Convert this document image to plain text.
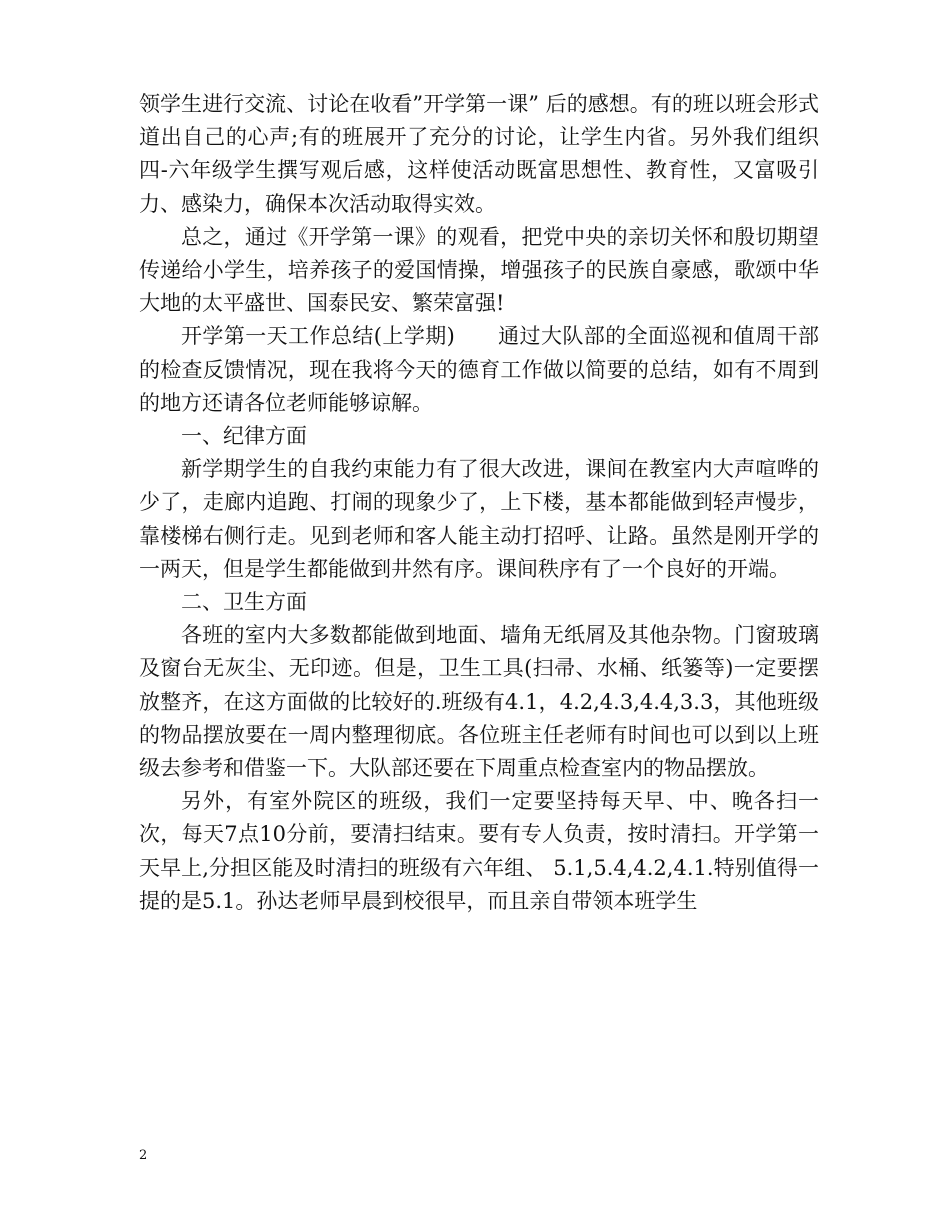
领学生进行交流、讨论在收看”开学第一课” 后的感想。有的班以班会形式道出自己的心声;有的班展开了充分的讨论，让学生内省。另外我们组织四-六年级学生撰写观后感，这样使活动既富思想性、教育性，又富吸引力、感染力，确保本次活动取得实效。

总之，通过《开学第一课》的观看，把党中央的亲切关怀和殷切期望传递给小学生，培养孩子的爱国情操，增强孩子的民族自豪感，歌颂中华大地的太平盛世、国泰民安、繁荣富强!

开学第一天工作总结(上学期)　　通过大队部的全面巡视和值周干部的检查反馈情况，现在我将今天的德育工作做以简要的总结，如有不周到的地方还请各位老师能够谅解。

一、纪律方面

新学期学生的自我约束能力有了很大改进，课间在教室内大声喧哗的少了，走廊内追跑、打闹的现象少了，上下楼，基本都能做到轻声慢步，靠楼梯右侧行走。见到老师和客人能主动打招呼、让路。虽然是刚开学的一两天，但是学生都能做到井然有序。课间秩序有了一个良好的开端。

二、卫生方面

各班的室内大多数都能做到地面、墙角无纸屑及其他杂物。门窗玻璃及窗台无灰尘、无印迹。但是，卫生工具(扫帚、水桶、纸篓等)一定要摆放整齐，在这方面做的比较好的.班级有4.1，4.2,4.3,4.4,3.3，其他班级的物品摆放要在一周内整理彻底。各位班主任老师有时间也可以到以上班级去参考和借鉴一下。大队部还要在下周重点检查室内的物品摆放。

另外，有室外院区的班级，我们一定要坚持每天早、中、晚各扫一次，每天7点10分前，要清扫结束。要有专人负责，按时清扫。开学第一天早上,分担区能及时清扫的班级有六年组、 5.1,5.4,4.2,4.1.特别值得一提的是5.1。孙达老师早晨到校很早，而且亲自带领本班学生

2
